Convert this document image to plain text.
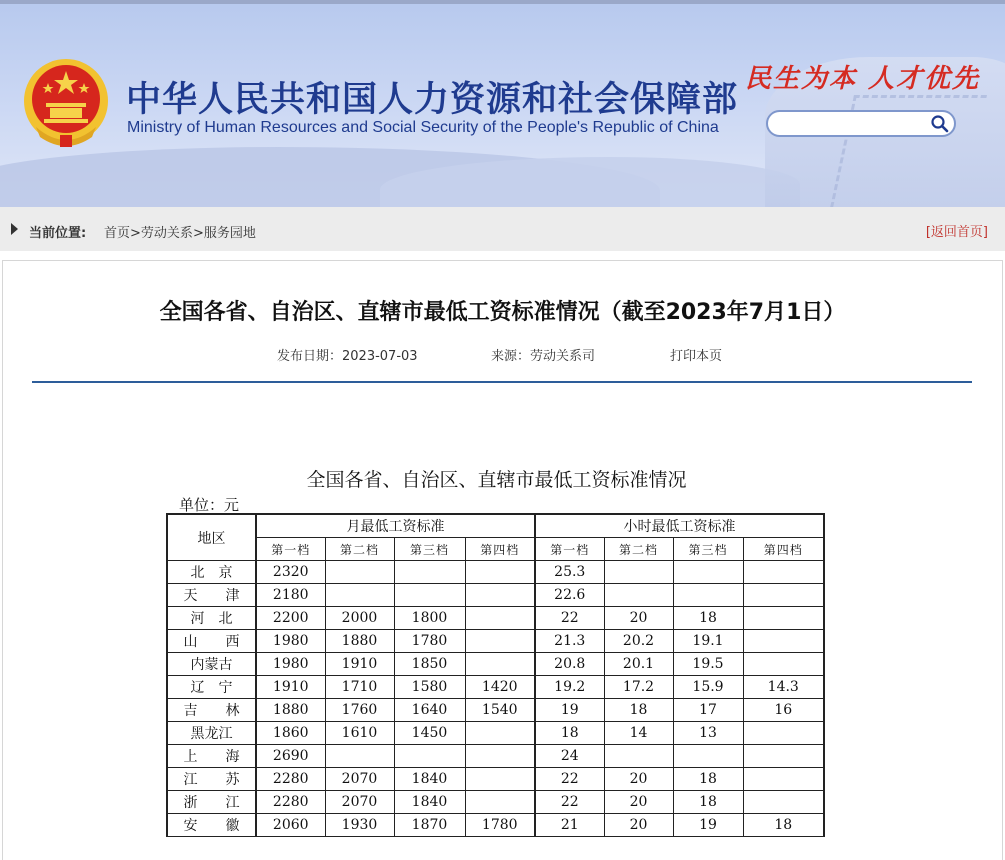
中华人民共和国人力资源和社会保障部
Ministry of Human Resources and Social Security of the People's Republic of China
民生为本 人才优先
当前位置: 首页>劳动关系>服务园地	[返回首页]
全国各省、自治区、直辖市最低工资标准情况（截至2023年7月1日）
发布日期：2023-07-03	来源：劳动关系司	打印本页
全国各省、自治区、直辖市最低工资标准情况
单位：元
地区	月最低工资标准				小时最低工资标准			
	第一档	第二档	第三档	第四档	第一档	第二档	第三档	第四档
北　京	2320				25.3			
天　　津	2180				22.6			
河　北	2200	2000	1800		22	20	18	
山　　西	1980	1880	1780		21.3	20.2	19.1	
内蒙古	1980	1910	1850		20.8	20.1	19.5	
辽　宁	1910	1710	1580	1420	19.2	17.2	15.9	14.3
吉　　林	1880	1760	1640	1540	19	18	17	16
黑龙江	1860	1610	1450		18	14	13	
上　　海	2690				24			
江　　苏	2280	2070	1840		22	20	18	
浙　　江	2280	2070	1840		22	20	18	
安　　徽	2060	1930	1870	1780	21	20	19	18
